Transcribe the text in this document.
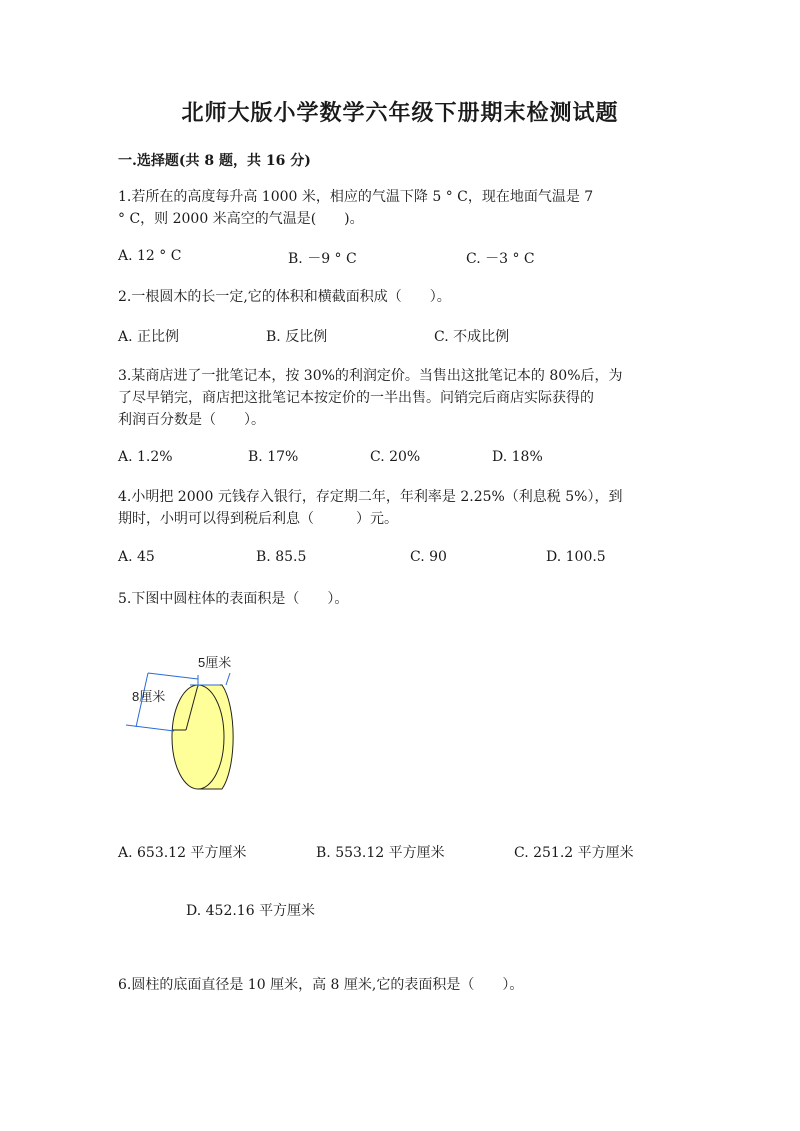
北师大版小学数学六年级下册期末检测试题
一.选择题(共 8 题，共 16 分)
1.若所在的高度每升高 1000 米，相应的气温下降 5 ° C，现在地面气温是 7
° C，则 2000 米高空的气温是(　　)。
A. 12 ° C	B. －9 ° C	C. －3 ° C
2.一根圆木的长一定,它的体积和横截面积成（　　）。
A. 正比例	B. 反比例	C. 不成比例
3.某商店进了一批笔记本，按 30%的利润定价。当售出这批笔记本的 80%后，为
了尽早销完，商店把这批笔记本按定价的一半出售。问销完后商店实际获得的
利润百分数是（　　）。
A. 1.2%	B. 17%	C. 20%	D. 18%
4.小明把 2000 元钱存入银行，存定期二年，年利率是 2.25%（利息税 5%），到
期时，小明可以得到税后利息（　　　）元。
A. 45	B. 85.5	C. 90	D. 100.5
5.下图中圆柱体的表面积是（　　）。
8厘米
5厘米
A. 653.12 平方厘米	B. 553.12 平方厘米	C. 251.2 平方厘米
D. 452.16 平方厘米
6.圆柱的底面直径是 10 厘米，高 8 厘米,它的表面积是（　　）。
